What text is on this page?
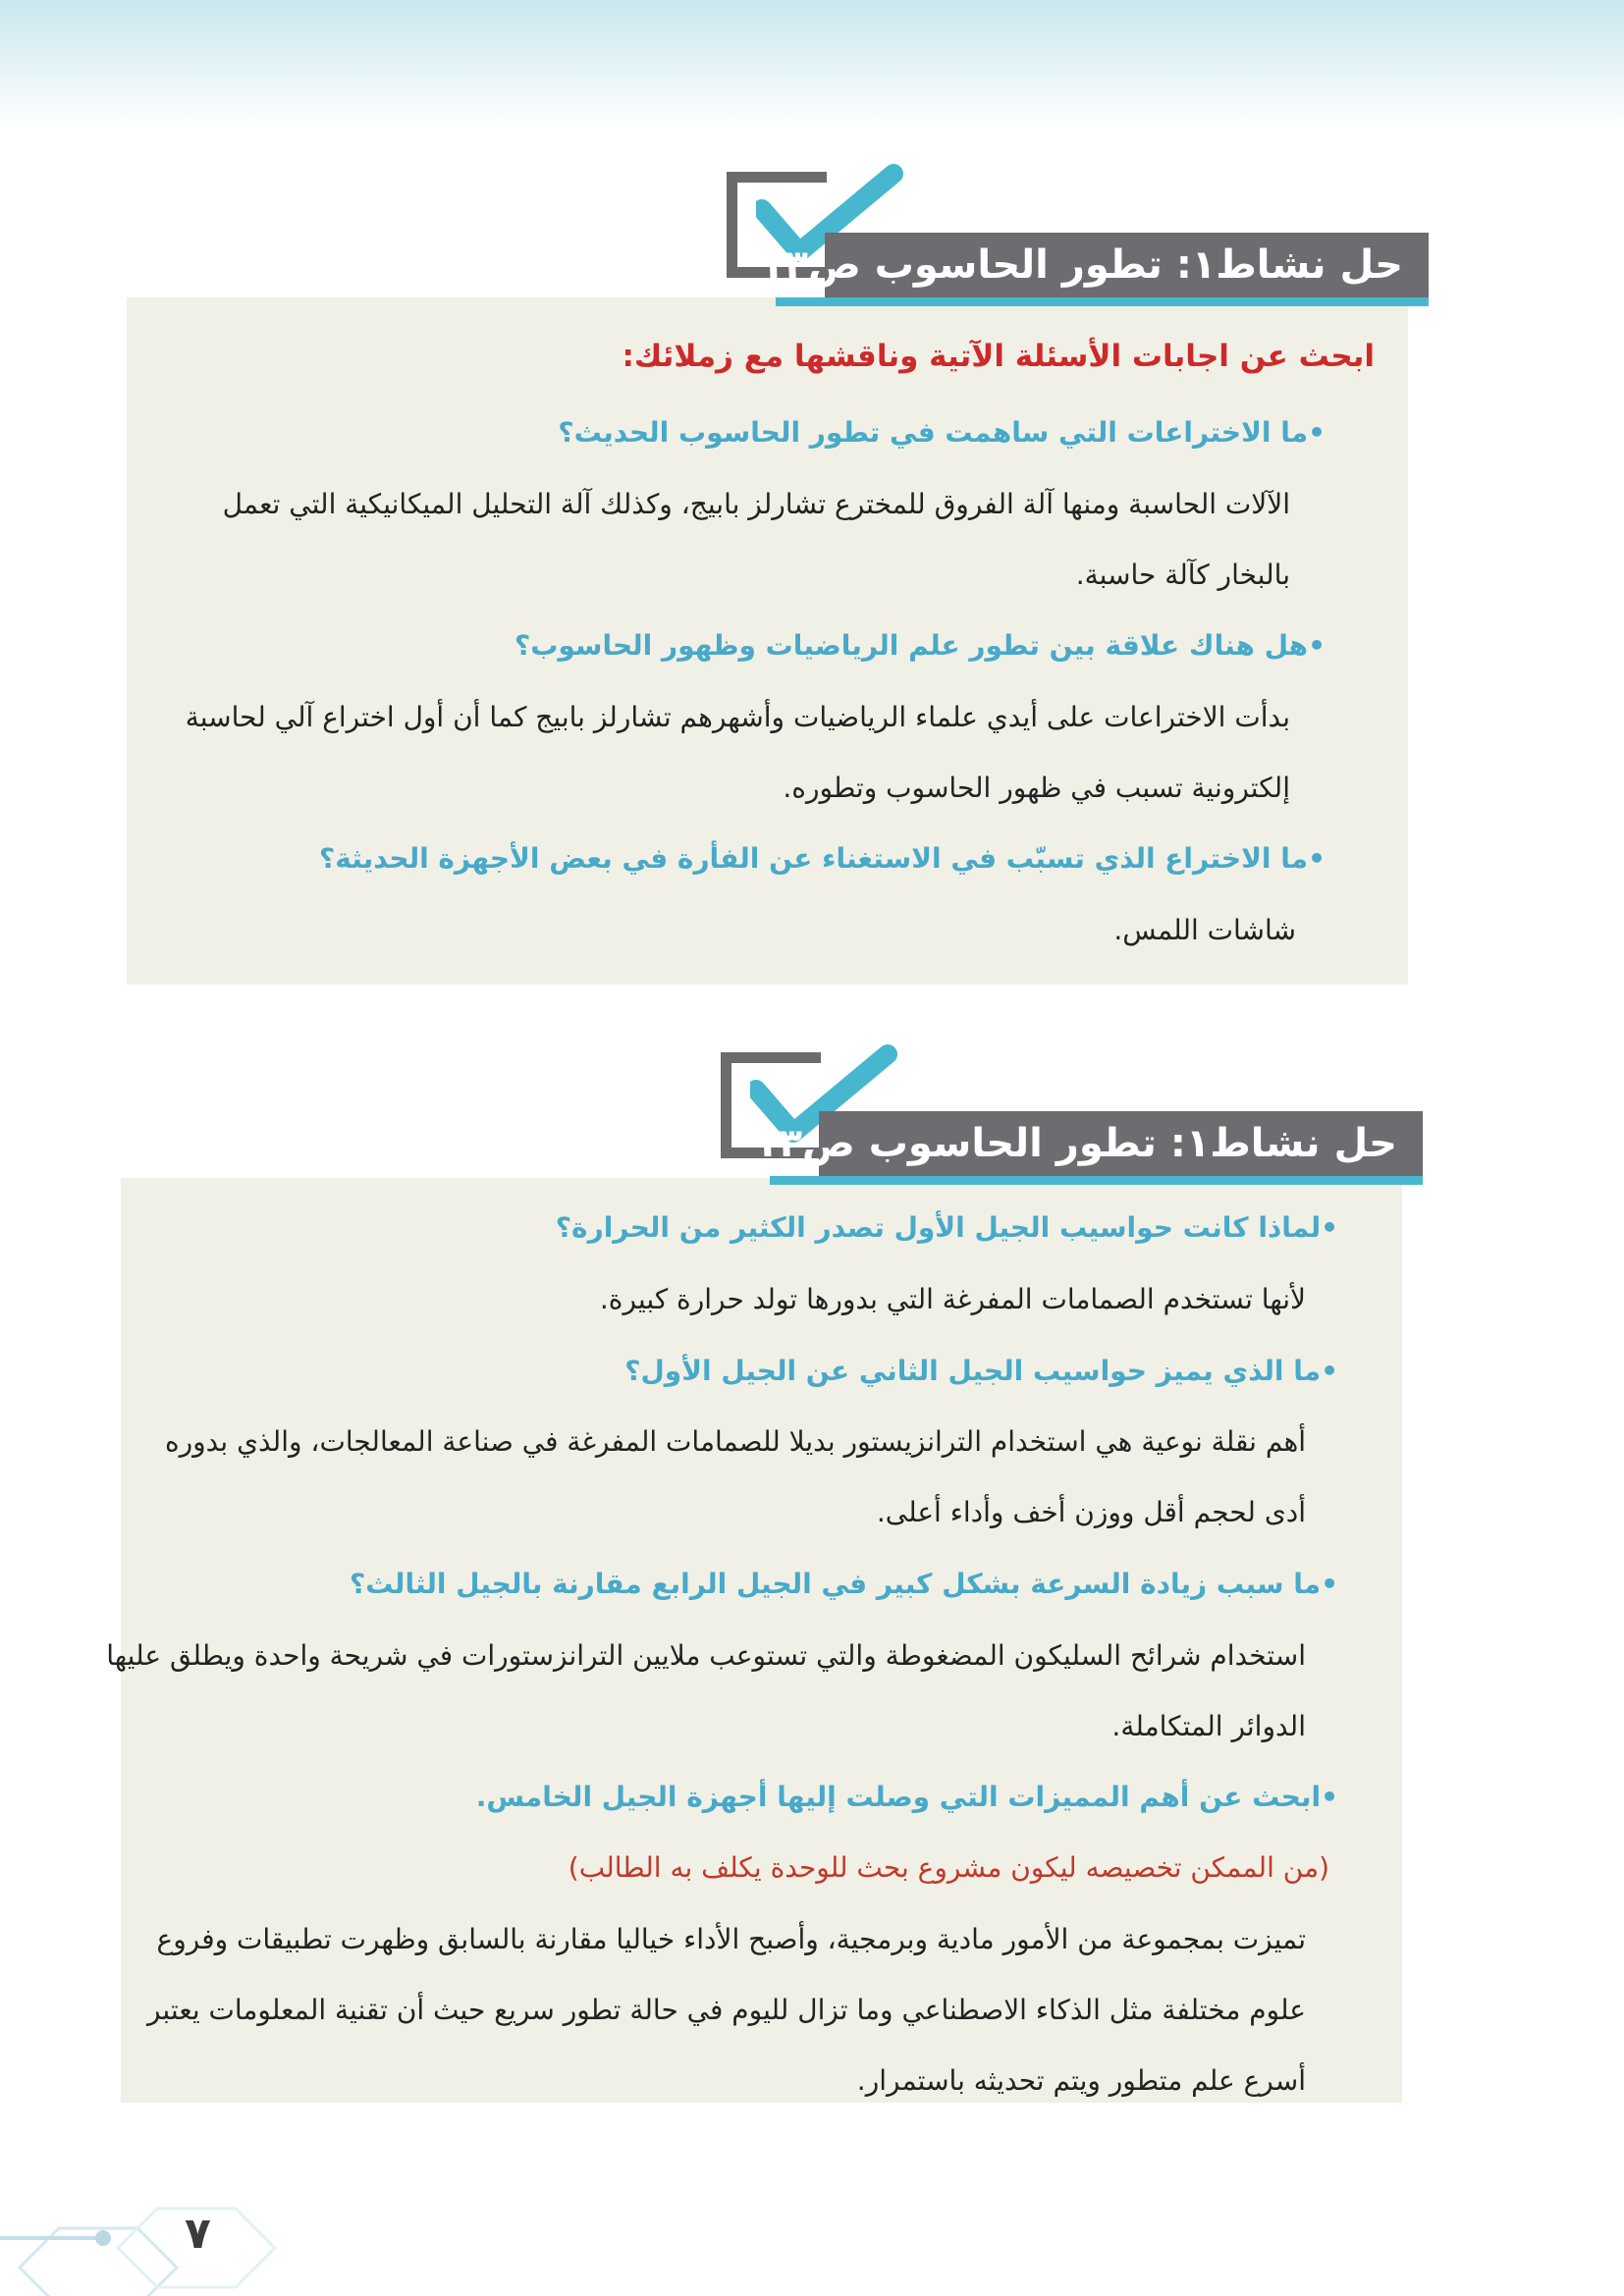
حل نشاط١: تطور الحاسوب ص١٣
ابحث عن اجابات الأسئلة الآتية وناقشها مع زملائك:
•ما الاختراعات التي ساهمت في تطور الحاسوب الحديث؟
الآلات الحاسبة ومنها آلة الفروق للمخترع تشارلز بابيج، وكذلك آلة التحليل الميكانيكية التي تعمل
بالبخار كآلة حاسبة.
•هل هناك علاقة بين تطور علم الرياضيات وظهور الحاسوب؟
بدأت الاختراعات على أيدي علماء الرياضيات وأشهرهم تشارلز بابيج كما أن أول اختراع آلي لحاسبة
إلكترونية تسبب في ظهور الحاسوب وتطوره.
•ما الاختراع الذي تسبّب في الاستغناء عن الفأرة في بعض الأجهزة الحديثة؟
شاشات اللمس.
حل نشاط١: تطور الحاسوب ص١٣
•لماذا كانت حواسيب الجيل الأول تصدر الكثير من الحرارة؟
لأنها تستخدم الصمامات المفرغة التي بدورها تولد حرارة كبيرة.
•ما الذي يميز حواسيب الجيل الثاني عن الجيل الأول؟
أهم نقلة نوعية هي استخدام الترانزيستور بديلا للصمامات المفرغة في صناعة المعالجات، والذي بدوره
أدى لحجم أقل ووزن أخف وأداء أعلى.
•ما سبب زيادة السرعة بشكل كبير في الجيل الرابع مقارنة بالجيل الثالث؟
استخدام شرائح السليكون المضغوطة والتي تستوعب ملايين الترانزستورات في شريحة واحدة ويطلق عليها
الدوائر المتكاملة.
•ابحث عن أهم المميزات التي وصلت إليها أجهزة الجيل الخامس.
(من الممكن تخصيصه ليكون مشروع بحث للوحدة يكلف به الطالب)
تميزت بمجموعة من الأمور مادية وبرمجية، وأصبح الأداء خياليا مقارنة بالسابق وظهرت تطبيقات وفروع
علوم مختلفة مثل الذكاء الاصطناعي وما تزال لليوم في حالة تطور سريع حيث أن تقنية المعلومات يعتبر
أسرع علم متطور ويتم تحديثه باستمرار.
٧
